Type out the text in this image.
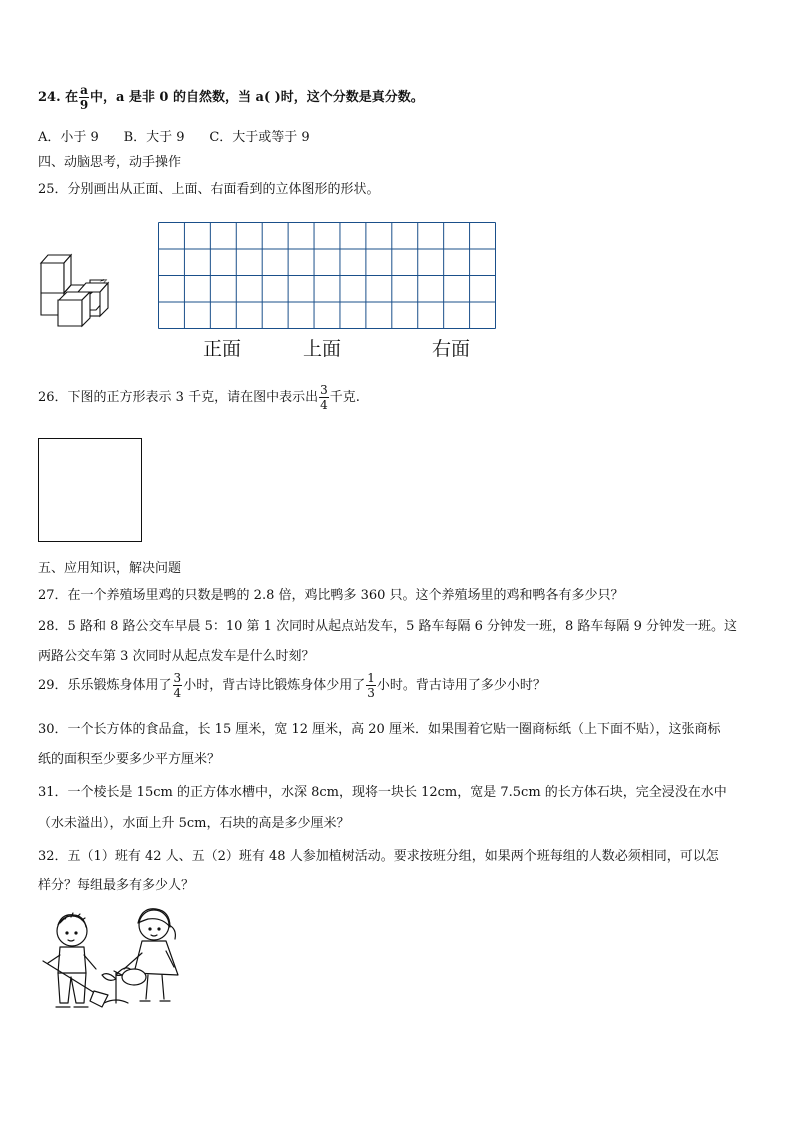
24. 在 $\frac{a}{9}$ 中，a 是非 0 的自然数，当 a( )时，这个分数是真分数。
A．小于 9      B．大于 9      C．大于或等于 9
四、动脑思考，动手操作
25．分别画出从正面、上面、右面看到的立体图形的形状。
正面	上面	右面
26．下图的正方形表示 3 千克，请在图中表示出 $\frac{3}{4}$ 千克.
五、应用知识，解决问题
27．在一个养殖场里鸡的只数是鸭的 2.8 倍，鸡比鸭多 360 只。这个养殖场里的鸡和鸭各有多少只？
28．5 路和 8 路公交车早晨 5：10 第 1 次同时从起点站发车，5 路车每隔 6 分钟发一班，8 路车每隔 9 分钟发一班。这
两路公交车第 3 次同时从起点发车是什么时刻？
29．乐乐锻炼身体用了 $\frac{3}{4}$ 小时，背古诗比锻炼身体少用了 $\frac{1}{3}$ 小时。背古诗用了多少小时？
30．一个长方体的食品盒，长 15 厘米，宽 12 厘米，高 20 厘米．如果围着它贴一圈商标纸（上下面不贴），这张商标
纸的面积至少要多少平方厘米？
31．一个棱长是 15cm 的正方体水槽中，水深 8cm，现将一块长 12cm，宽是 7.5cm 的长方体石块，完全浸没在水中
（水未溢出），水面上升 5cm，石块的高是多少厘米？
32．五（1）班有 42 人、五（2）班有 48 人参加植树活动。要求按班分组，如果两个班每组的人数必须相同，可以怎
样分？每组最多有多少人？
